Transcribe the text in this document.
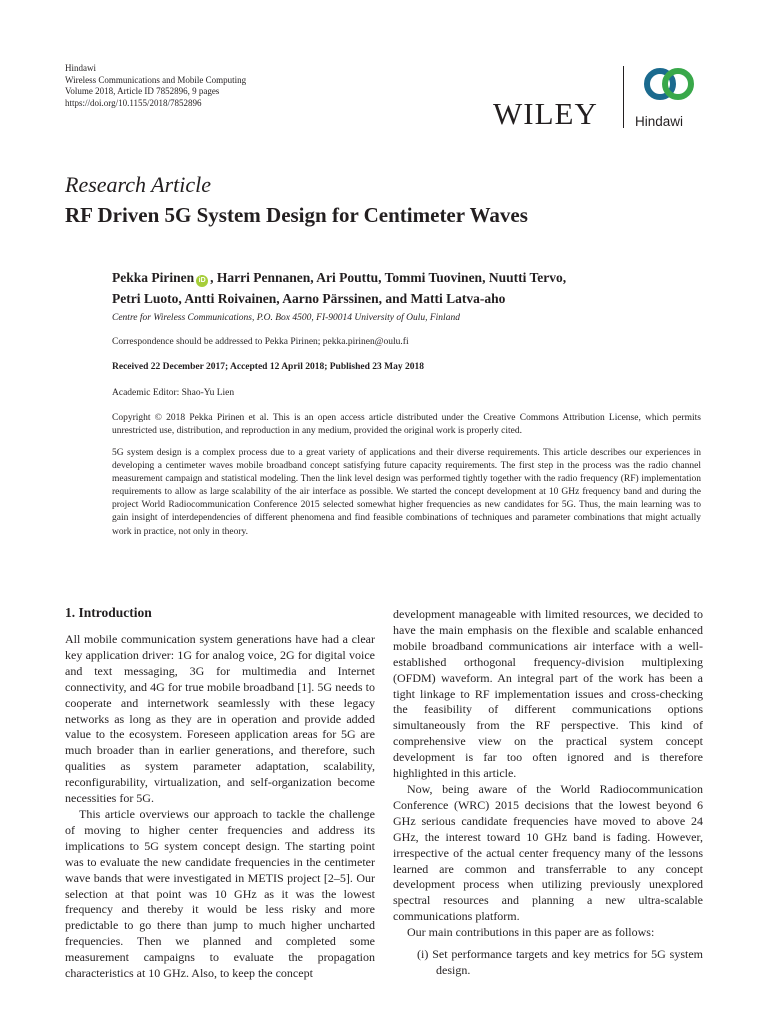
Hindawi
Wireless Communications and Mobile Computing
Volume 2018, Article ID 7852896, 9 pages
https://doi.org/10.1155/2018/7852896	WILEY	Hindawi
Research Article
RF Driven 5G System Design for Centimeter Waves
Pekka Pirinen iD , Harri Pennanen, Ari Pouttu, Tommi Tuovinen, Nuutti Tervo,
Petri Luoto, Antti Roivainen, Aarno Pärssinen, and Matti Latva-aho
Centre for Wireless Communications, P.O. Box 4500, FI-90014 University of Oulu, Finland
Correspondence should be addressed to Pekka Pirinen; pekka.pirinen@oulu.fi
Received 22 December 2017; Accepted 12 April 2018; Published 23 May 2018
Academic Editor: Shao-Yu Lien
Copyright © 2018 Pekka Pirinen et al. This is an open access article distributed under the Creative Commons Attribution License, which permits unrestricted use, distribution, and reproduction in any medium, provided the original work is properly cited.
5G system design is a complex process due to a great variety of applications and their diverse requirements. This article describes our experiences in developing a centimeter waves mobile broadband concept satisfying future capacity requirements. The first step in the process was the radio channel measurement campaign and statistical modeling. Then the link level design was performed tightly together with the radio frequency (RF) implementation requirements to allow as large scalability of the air interface as possible. We started the concept development at 10 GHz frequency band and during the project World Radiocommunication Conference 2015 selected somewhat higher frequencies as new candidates for 5G. Thus, the main learning was to gain insight of interdependencies of different phenomena and find feasible combinations of techniques and parameter combinations that might actually work in practice, not only in theory.
1. Introduction

All mobile communication system generations have had a clear key application driver: 1G for analog voice, 2G for digital voice and text messaging, 3G for multimedia and Internet connectivity, and 4G for true mobile broadband [1]. 5G needs to cooperate and internetwork seamlessly with these legacy networks as long as they are in operation and provide added value to the ecosystem. Foreseen application areas for 5G are much broader than in earlier generations, and therefore, such qualities as system parameter adaptation, scalability, reconfigurability, virtualization, and self-organization become necessities for 5G.

This article overviews our approach to tackle the challenge of moving to higher center frequencies and address its implications to 5G system concept design. The starting point was to evaluate the new candidate frequencies in the centimeter wave bands that were investigated in METIS project [2–5]. Our selection at that point was 10 GHz as it was the lowest frequency and thereby it would be less risky and more predictable to go there than jump to much higher uncharted frequencies. Then we planned and completed some measurement campaigns to evaluate the propagation characteristics at 10 GHz. Also, to keep the concept

development manageable with limited resources, we decided to have the main emphasis on the flexible and scalable enhanced mobile broadband communications air interface with a well-established orthogonal frequency-division multiplexing (OFDM) waveform. An integral part of the work has been a tight linkage to RF implementation issues and cross-checking the feasibility of different communications options simultaneously from the RF perspective. This kind of comprehensive view on the practical system concept development is far too often ignored and is therefore highlighted in this article.

Now, being aware of the World Radiocommunication Conference (WRC) 2015 decisions that the lowest beyond 6 GHz serious candidate frequencies have moved to above 24 GHz, the interest toward 10 GHz band is fading. However, irrespective of the actual center frequency many of the lessons learned are common and transferrable to any concept development process when utilizing previously unexplored spectral resources and planning a new ultra-scalable communications platform.

Our main contributions in this paper are as follows:

(i) Set performance targets and key metrics for 5G system design.
